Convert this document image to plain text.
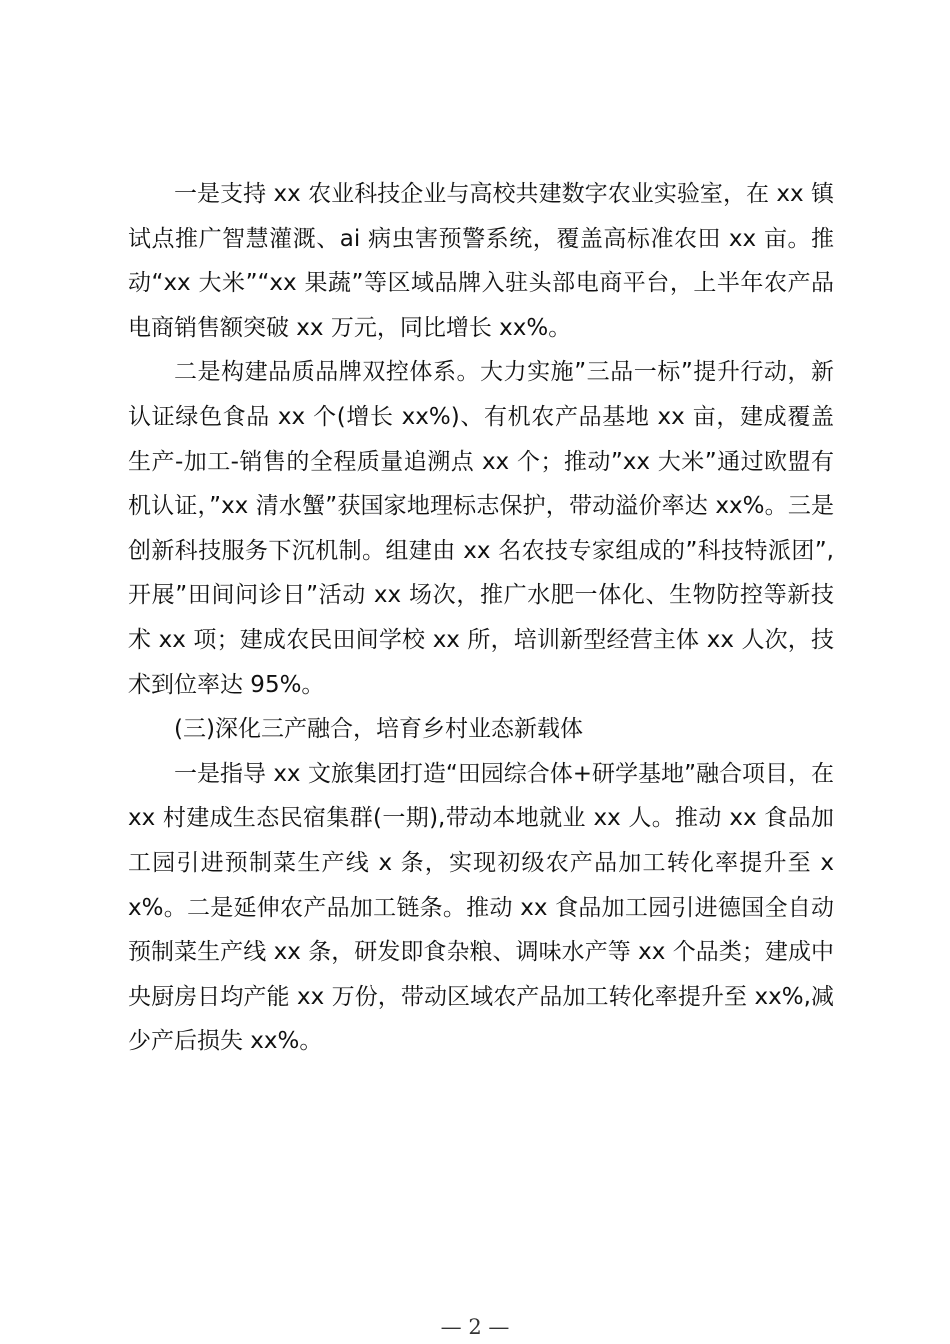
一是支持 xx 农业科技企业与高校共建数字农业实验室，在 xx 镇试点推广智慧灌溉、ai 病虫害预警系统，覆盖高标准农田 xx 亩。推动“xx 大米”“xx 果蔬”等区域品牌入驻头部电商平台，上半年农产品电商销售额突破 xx 万元，同比增长 xx%。

二是构建品质品牌双控体系。大力实施”三品一标”提升行动，新认证绿色食品 xx 个(增长 xx%)、有机农产品基地 xx 亩，建成覆盖生产-加工-销售的全程质量追溯点 xx 个；推动”xx 大米”通过欧盟有机认证，”xx 清水蟹”获国家地理标志保护，带动溢价率达 xx%。三是创新科技服务下沉机制。组建由 xx 名农技专家组成的”科技特派团”,开展”田间问诊日”活动 xx 场次，推广水肥一体化、生物防控等新技术 xx 项；建成农民田间学校 xx 所，培训新型经营主体 xx 人次，技术到位率达 95%。

(三)深化三产融合，培育乡村业态新载体

一是指导 xx 文旅集团打造“田园综合体+研学基地”融合项目，在 xx 村建成生态民宿集群(一期),带动本地就业 xx 人。推动 xx 食品加工园引进预制菜生产线 x 条，实现初级农产品加工转化率提升至 xx%。二是延伸农产品加工链条。推动 xx 食品加工园引进德国全自动预制菜生产线 xx 条，研发即食杂粮、调味水产等 xx 个品类；建成中央厨房日均产能 xx 万份，带动区域农产品加工转化率提升至 xx%,减少产后损失 xx%。

— 2 —
